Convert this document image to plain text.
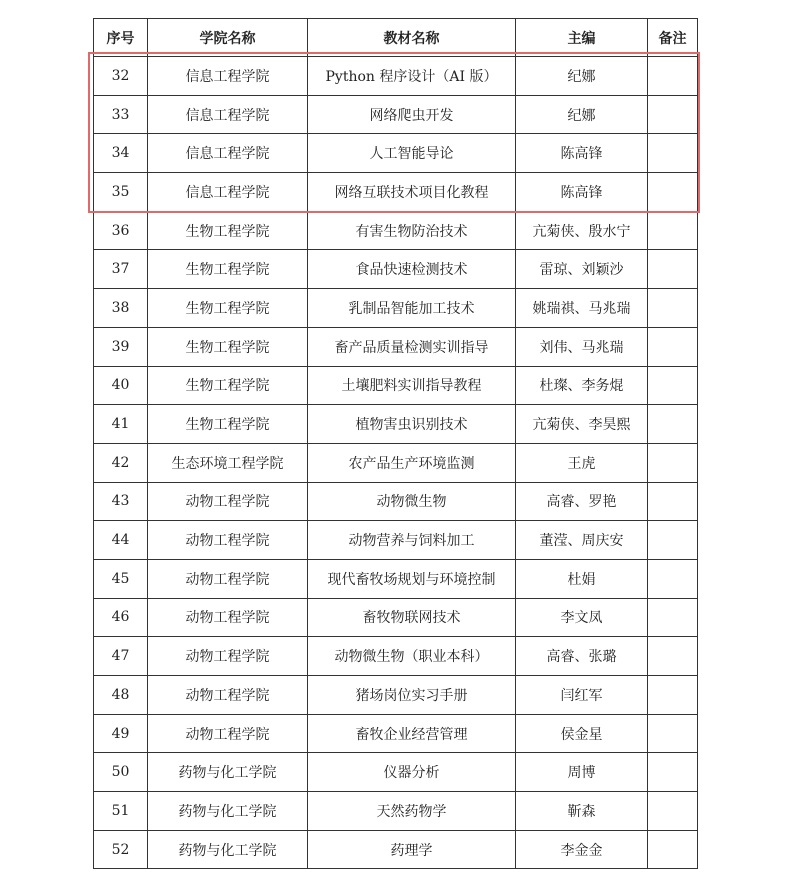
序号	学院名称	教材名称	主编	备注
32	信息工程学院	Python 程序设计（AI 版）	纪娜	
33	信息工程学院	网络爬虫开发	纪娜	
34	信息工程学院	人工智能导论	陈高锋	
35	信息工程学院	网络互联技术项目化教程	陈高锋	
36	生物工程学院	有害生物防治技术	亢菊侠、殷水宁	
37	生物工程学院	食品快速检测技术	雷琼、刘颖沙	
38	生物工程学院	乳制品智能加工技术	姚瑞祺、马兆瑞	
39	生物工程学院	畜产品质量检测实训指导	刘伟、马兆瑞	
40	生物工程学院	土壤肥料实训指导教程	杜璨、李务焜	
41	生物工程学院	植物害虫识别技术	亢菊侠、李昊熙	
42	生态环境工程学院	农产品生产环境监测	王虎	
43	动物工程学院	动物微生物	高睿、罗艳	
44	动物工程学院	动物营养与饲料加工	董滢、周庆安	
45	动物工程学院	现代畜牧场规划与环境控制	杜娟	
46	动物工程学院	畜牧物联网技术	李文凤	
47	动物工程学院	动物微生物（职业本科）	高睿、张璐	
48	动物工程学院	猪场岗位实习手册	闫红军	
49	动物工程学院	畜牧企业经营管理	侯金星	
50	药物与化工学院	仪器分析	周博	
51	药物与化工学院	天然药物学	靳森	
52	药物与化工学院	药理学	李金金	
